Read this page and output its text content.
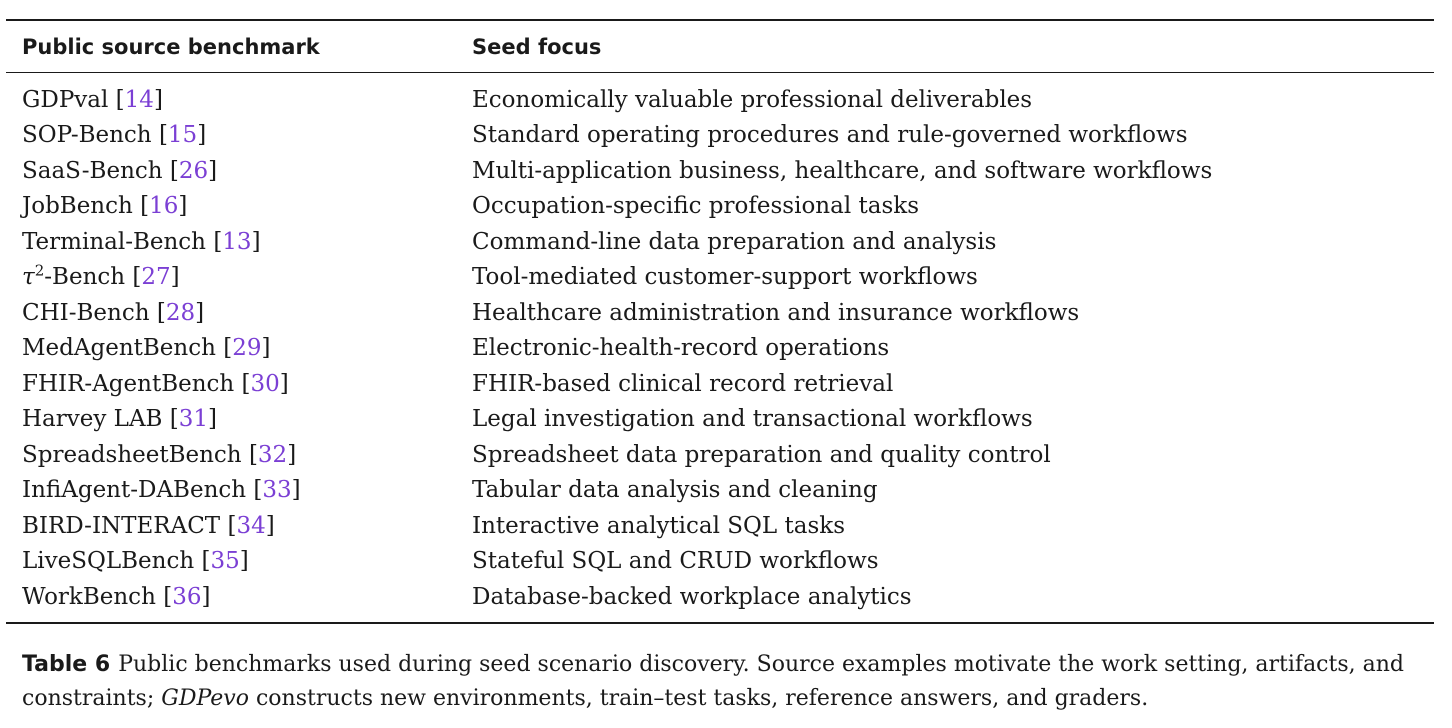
Public source benchmark	Seed focus
GDPval [14]	Economically valuable professional deliverables
SOP-Bench [15]	Standard operating procedures and rule-governed workflows
SaaS-Bench [26]	Multi-application business, healthcare, and software workflows
JobBench [16]	Occupation-specific professional tasks
Terminal-Bench [13]	Command-line data preparation and analysis
$\tau^2$-Bench [27]	Tool-mediated customer-support workflows
CHI-Bench [28]	Healthcare administration and insurance workflows
MedAgentBench [29]	Electronic-health-record operations
FHIR-AgentBench [30]	FHIR-based clinical record retrieval
Harvey LAB [31]	Legal investigation and transactional workflows
SpreadsheetBench [32]	Spreadsheet data preparation and quality control
InfiAgent-DABench [33]	Tabular data analysis and cleaning
BIRD-INTERACT [34]	Interactive analytical SQL tasks
LiveSQLBench [35]	Stateful SQL and CRUD workflows
WorkBench [36]	Database-backed workplace analytics
Table 6 Public benchmarks used during seed scenario discovery. Source examples motivate the work setting, artifacts, and constraints; GDPevo constructs new environments, train–test tasks, reference answers, and graders.
